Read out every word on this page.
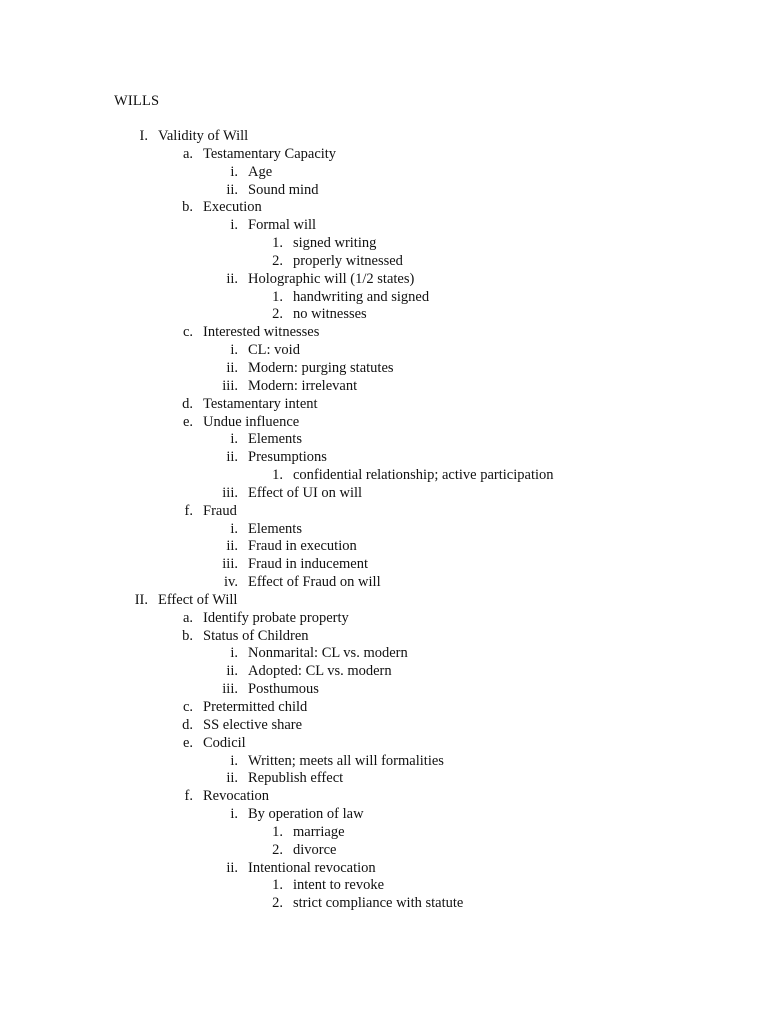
WILLS
I. Validity of Will
a. Testamentary Capacity
i. Age
ii. Sound mind
b. Execution
i. Formal will
1. signed writing
2. properly witnessed
ii. Holographic will (1/2 states)
1. handwriting and signed
2. no witnesses
c. Interested witnesses
i. CL: void
ii. Modern: purging statutes
iii. Modern: irrelevant
d. Testamentary intent
e. Undue influence
i. Elements
ii. Presumptions
1. confidential relationship; active participation
iii. Effect of UI on will
f. Fraud
i. Elements
ii. Fraud in execution
iii. Fraud in inducement
iv. Effect of Fraud on will
II. Effect of Will
a. Identify probate property
b. Status of Children
i. Nonmarital: CL vs. modern
ii. Adopted: CL vs. modern
iii. Posthumous
c. Pretermitted child
d. SS elective share
e. Codicil
i. Written; meets all will formalities
ii. Republish effect
f. Revocation
i. By operation of law
1. marriage
2. divorce
ii. Intentional revocation
1. intent to revoke
2. strict compliance with statute
